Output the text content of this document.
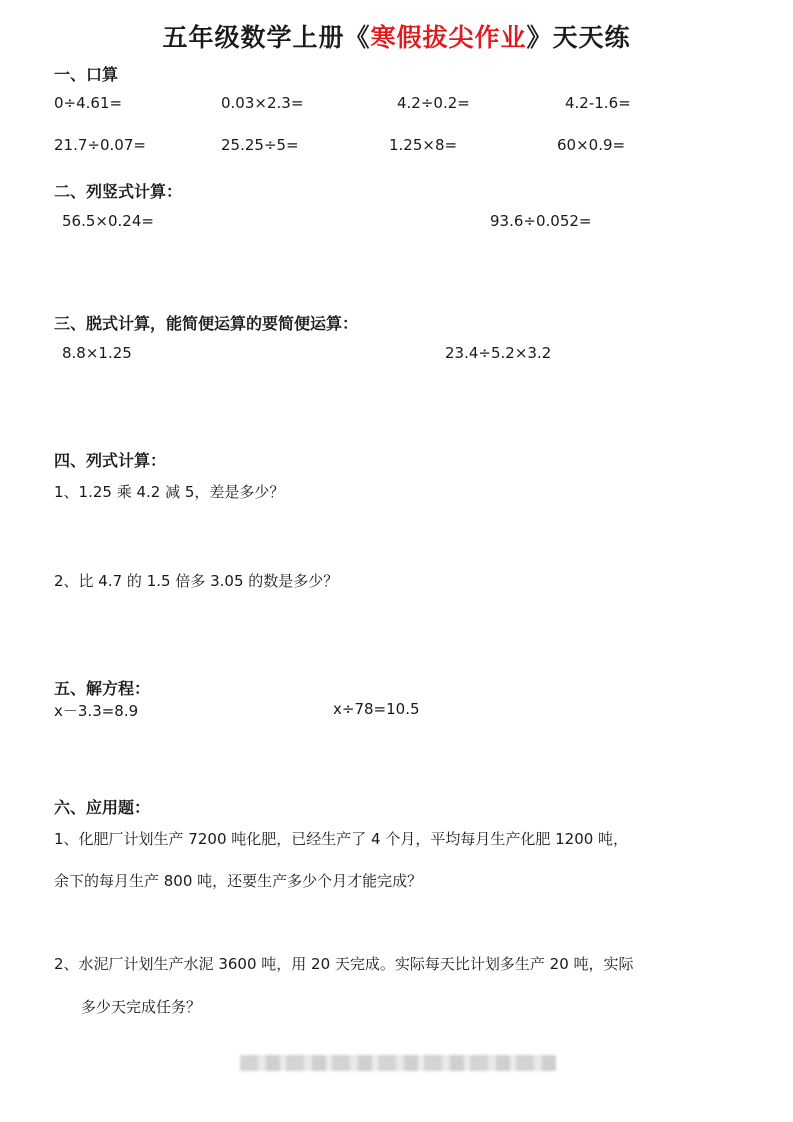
五年级数学上册《寒假拔尖作业》天天练
一、口算
0÷4.61=	0.03×2.3=	4.2÷0.2=	4.2-1.6=
21.7÷0.07=	25.25÷5=	1.25×8=	60×0.9=
二、列竖式计算：
56.5×0.24=	93.6÷0.052=
三、脱式计算，能简便运算的要简便运算：
8.8×1.25	23.4÷5.2×3.2
四、列式计算：
1、1.25 乘 4.2 减 5，差是多少？
2、比 4.7 的 1.5 倍多 3.05 的数是多少？
五、解方程：
x－3.3=8.9	x÷78=10.5
六、应用题：
1、化肥厂计划生产 7200 吨化肥，已经生产了 4 个月，平均每月生产化肥 1200 吨，
余下的每月生产 800 吨，还要生产多少个月才能完成？
2、水泥厂计划生产水泥 3600 吨，用 20 天完成。实际每天比计划多生产 20 吨，实际
多少天完成任务？
